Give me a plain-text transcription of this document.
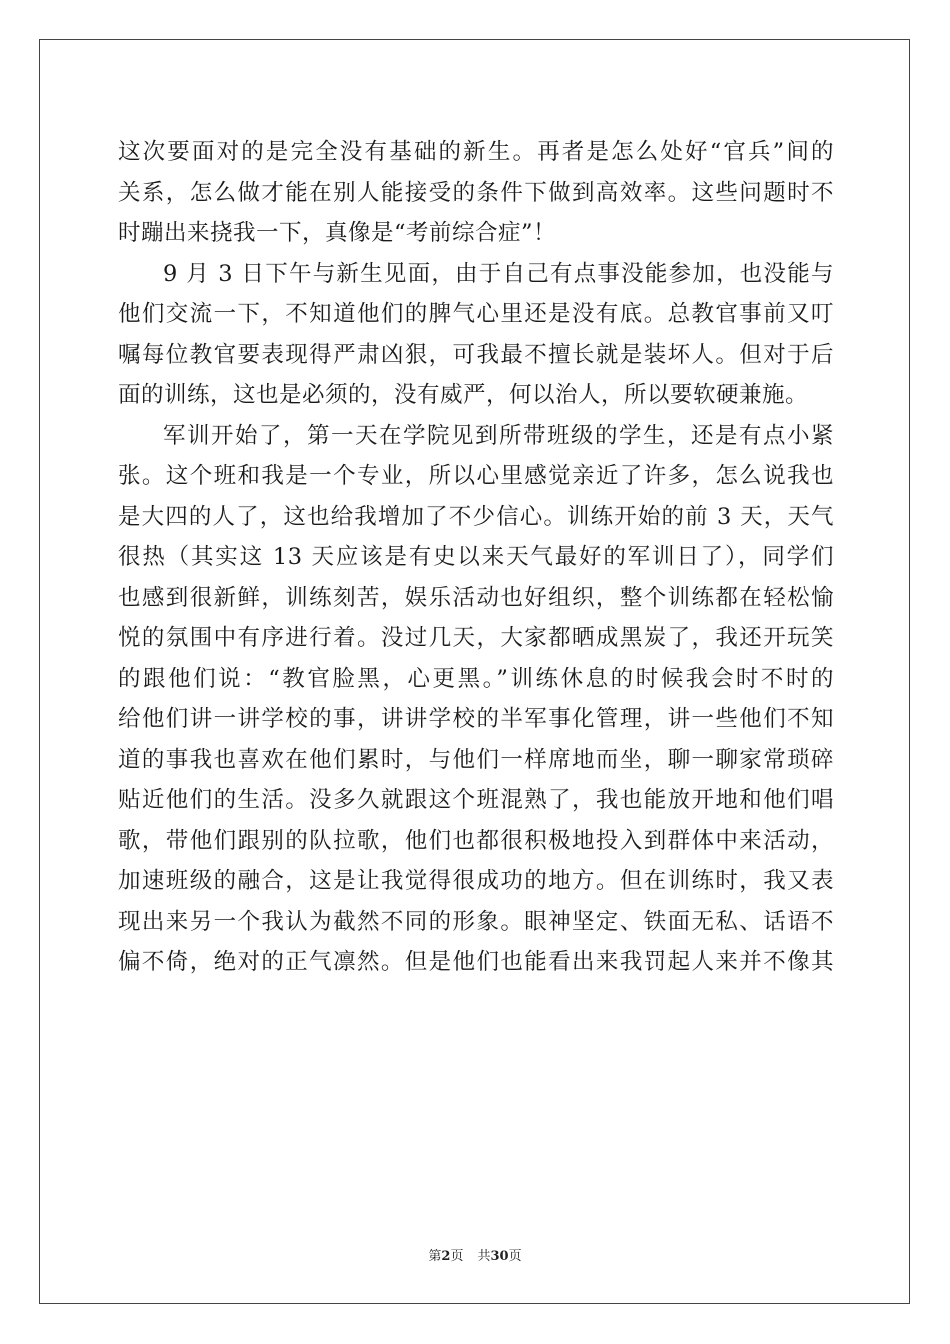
这次要面对的是完全没有基础的新生。再者是怎么处好“官兵”间的
关系，怎么做才能在别人能接受的条件下做到高效率。这些问题时不
时蹦出来挠我一下，真像是“考前综合症”！
9 月 3 日下午与新生见面，由于自己有点事没能参加，也没能与
他们交流一下，不知道他们的脾气心里还是没有底。总教官事前又叮
嘱每位教官要表现得严肃凶狠，可我最不擅长就是装坏人。但对于后
面的训练，这也是必须的，没有威严，何以治人，所以要软硬兼施。
军训开始了，第一天在学院见到所带班级的学生，还是有点小紧
张。这个班和我是一个专业，所以心里感觉亲近了许多，怎么说我也
是大四的人了，这也给我增加了不少信心。训练开始的前 3 天，天气
很热（其实这 13 天应该是有史以来天气最好的军训日了），同学们
也感到很新鲜，训练刻苦，娱乐活动也好组织，整个训练都在轻松愉
悦的氛围中有序进行着。没过几天，大家都晒成黑炭了，我还开玩笑
的跟他们说：“教官脸黑，心更黑。”训练休息的时候我会时不时的
给他们讲一讲学校的事，讲讲学校的半军事化管理，讲一些他们不知
道的事我也喜欢在他们累时，与他们一样席地而坐，聊一聊家常琐碎
贴近他们的生活。没多久就跟这个班混熟了，我也能放开地和他们唱
歌，带他们跟别的队拉歌，他们也都很积极地投入到群体中来活动，
加速班级的融合，这是让我觉得很成功的地方。但在训练时，我又表
现出来另一个我认为截然不同的形象。眼神坚定、铁面无私、话语不
偏不倚，绝对的正气凛然。但是他们也能看出来我罚起人来并不像其
第2页 共30页
